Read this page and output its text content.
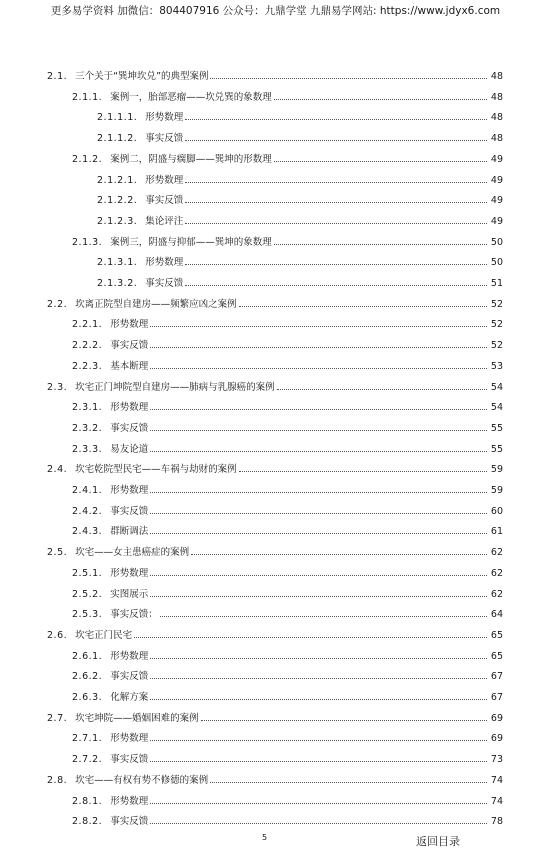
更多易学资料 加微信：804407916 公众号：九鼎学堂 九鼎易学网站: https://www.jdyx6.com
2.1. 三个关于“巽坤坎兑”的典型案例	48
2.1.1. 案例一，胎部恶瘤——坎兑巽的象数理	48
2.1.1.1. 形势数理	48
2.1.1.2. 事实反馈	48
2.1.2. 案例二，阴盛与瘸脚——巽坤的形数理	49
2.1.2.1. 形势数理	49
2.1.2.2. 事实反馈	49
2.1.2.3. 集论评注	49
2.1.3. 案例三，阴盛与抑郁——巽坤的象数理	50
2.1.3.1. 形势数理	50
2.1.3.2. 事实反馈	51
2.2. 坎离正院型自建房——频繁应凶之案例	52
2.2.1. 形势数理	52
2.2.2. 事实反馈	52
2.2.3. 基本断理	53
2.3. 坎宅正门坤院型自建房——肺病与乳腺癌的案例	54
2.3.1. 形势数理	54
2.3.2. 事实反馈	55
2.3.3. 易友论道	55
2.4. 坎宅乾院型民宅——车祸与劫财的案例	59
2.4.1. 形势数理	59
2.4.2. 事实反馈	60
2.4.3. 群断调法	61
2.5. 坎宅——女主患癌症的案例	62
2.5.1. 形势数理	62
2.5.2. 实图展示	62
2.5.3. 事实反馈：	64
2.6. 坎宅正门民宅	65
2.6.1. 形势数理	65
2.6.2. 事实反馈	67
2.6.3. 化解方案	67
2.7. 坎宅坤院——婚姻困难的案例	69
2.7.1. 形势数理	69
2.7.2. 事实反馈	73
2.8. 坎宅——有权有势不修德的案例	74
2.8.1. 形势数理	74
2.8.2. 事实反馈	78
5	返回目录
